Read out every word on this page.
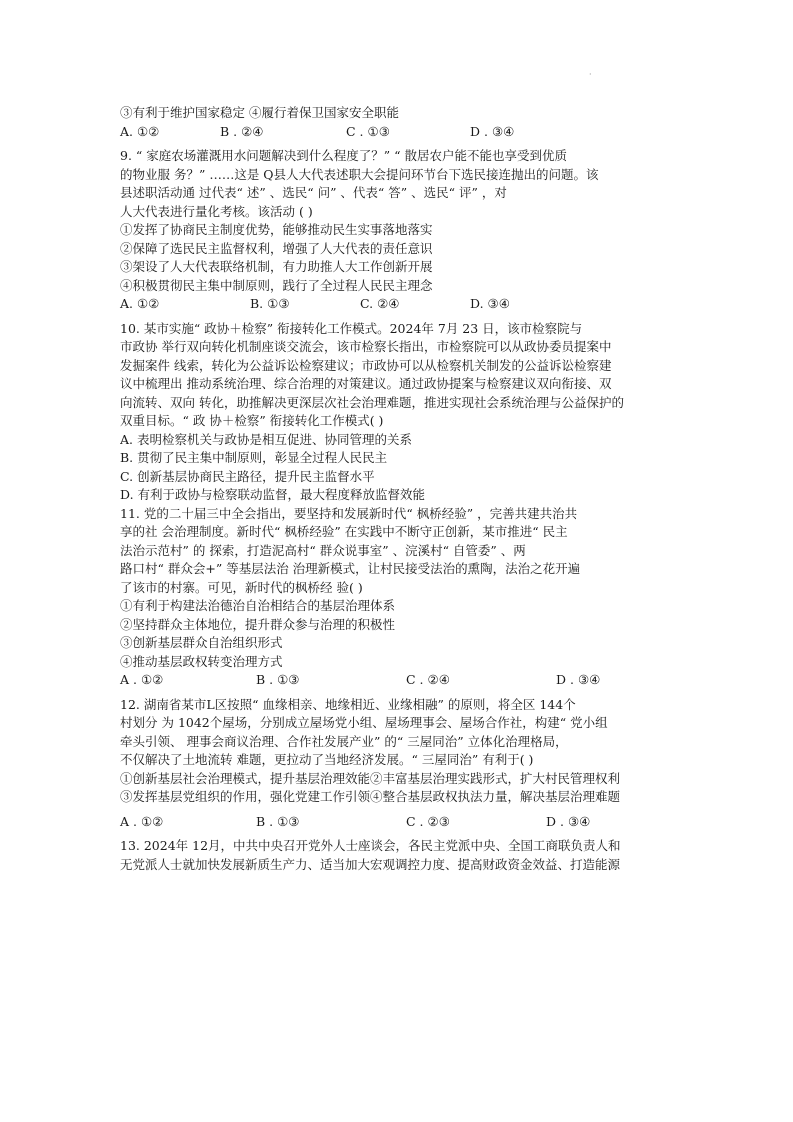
·
③有利于维护国家稳定 ④履行着保卫国家安全职能
A. ①②	B . ②④	C . ①③	D . ③④
9. “ 家庭农场灌溉用水问题解决到什么程度了？” “ 散居农户能不能也享受到优质
的物业服 务？” ……这是 Q县人大代表述职大会提问环节台下选民接连抛出的问题。该
县述职活动通 过代表“ 述” 、选民“ 问” 、代表“ 答” 、选民“ 评” ，对
人大代表进行量化考核。该活动 ( )
①发挥了协商民主制度优势，能够推动民生实事落地落实
②保障了选民民主监督权利，增强了人大代表的责任意识
③架设了人大代表联络机制，有力助推人大工作创新开展
④积极贯彻民主集中制原则，践行了全过程人民民主理念
A. ①②	B. ①③	C. ②④	D. ③④
10. 某市实施“ 政协＋检察” 衔接转化工作模式。2024年 7月 23 日，该市检察院与
市政协 举行双向转化机制座谈交流会，该市检察长指出，市检察院可以从政协委员提案中
发掘案件 线索，转化为公益诉讼检察建议；市政协可以从检察机关制发的公益诉讼检察建
议中梳理出 推动系统治理、综合治理的对策建议。通过政协提案与检察建议双向衔接、双
向流转、双向 转化，助推解决更深层次社会治理难题，推进实现社会系统治理与公益保护的
双重目标。“ 政 协＋检察” 衔接转化工作模式( )
A. 表明检察机关与政协是相互促进、协同管理的关系
B. 贯彻了民主集中制原则，彰显全过程人民民主
C. 创新基层协商民主路径，提升民主监督水平
D. 有利于政协与检察联动监督，最大程度释放监督效能
11. 党的二十届三中全会指出，要坚持和发展新时代“ 枫桥经验” ，完善共建共治共
享的社 会治理制度。新时代“ 枫桥经验” 在实践中不断守正创新，某市推进“ 民主
法治示范村” 的 探索，打造泥高村“ 群众说事室” 、浣溪村“ 自管委” 、两
路口村“ 群众会+” 等基层法治 治理新模式，让村民接受法治的熏陶，法治之花开遍
了该市的村寨。可见，新时代的枫桥经 验( )
①有利于构建法治德治自治相结合的基层治理体系
②坚持群众主体地位，提升群众参与治理的积极性
③创新基层群众自治组织形式
④推动基层政权转变治理方式
A . ①②	B . ①③	C . ②④	D . ③④
12. 湖南省某市L区按照“ 血缘相亲、地缘相近、业缘相融” 的原则，将全区 144个
村划分 为 1042个屋场，分别成立屋场党小组、屋场理事会、屋场合作社，构建“ 党小组
牵头引领、 理事会商议治理、合作社发展产业” 的“ 三屋同治” 立体化治理格局，
不仅解决了土地流转 难题，更拉动了当地经济发展。“ 三屋同治” 有利于( )
①创新基层社会治理模式，提升基层治理效能②丰富基层治理实践形式，扩大村民管理权利
③发挥基层党组织的作用，强化党建工作引领④整合基层政权执法力量，解决基层治理难题
A . ①②	B . ①③	C . ②③	D . ③④
13. 2024年 12月，中共中央召开党外人士座谈会，各民主党派中央、全国工商联负责人和
无党派人士就加快发展新质生产力、适当加大宏观调控力度、提高财政资金效益、打造能源
